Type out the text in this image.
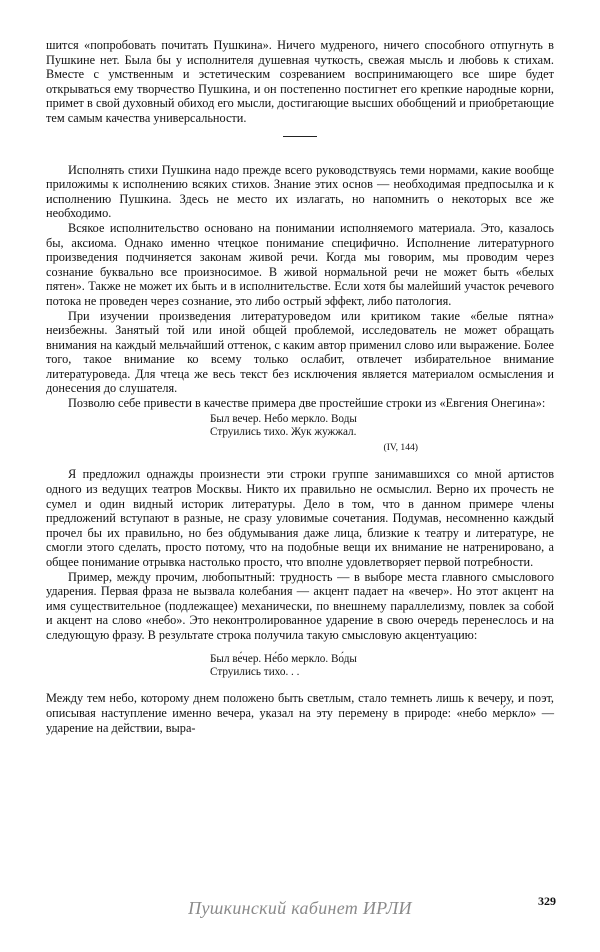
шится «попробовать почитать Пушкина». Ничего мудреного, ничего способного отпугнуть в Пушкине нет. Была бы у исполнителя душевная чуткость, свежая мысль и любовь к стихам. Вместе с умственным и эстетическим созреванием воспринимающего все шире будет открываться ему творчество Пушкина, и он постепенно постигнет его крепкие народные корни, примет в свой духовный обиход его мысли, достигающие высших обобщений и приобретающие тем самым качества универсальности.

Исполнять стихи Пушкина надо прежде всего руководствуясь теми нормами, какие вообще приложимы к исполнению всяких стихов. Знание этих основ — необходимая предпосылка и к исполнению Пушкина. Здесь не место их излагать, но напомнить о некоторых все же необходимо.

Всякое исполнительство основано на понимании исполняемого материала. Это, казалось бы, аксиома. Однако именно чтецкое понимание специфично. Исполнение литературного произведения подчиняется законам живой речи. Когда мы говорим, мы проводим через сознание буквально все произносимое. В живой нормальной речи не может быть «белых пятен». Также не может их быть и в исполнительстве. Если хотя бы малейший участок речевого потока не проведен через сознание, это либо острый эффект, либо патология.

При изучении произведения литературоведом или критиком такие «белые пятна» неизбежны. Занятый той или иной общей проблемой, исследователь не может обращать внимания на каждый мельчайший оттенок, с каким автор применил слово или выражение. Более того, такое внимание ко всему только ослабит, отвлечет избирательное внимание литературоведа. Для чтеца же весь текст без исключения является материалом осмысления и донесения до слушателя.

Позволю себе привести в качестве примера две простейшие строки из «Евгения Онегина»:

Был вечер. Небо меркло. Воды
Струились тихо. Жук жужжал.
(IV, 144)

Я предложил однажды произнести эти строки группе занимавшихся со мной артистов одного из ведущих театров Москвы. Никто их правильно не осмыслил. Верно их прочесть не сумел и один видный историк литературы. Дело в том, что в данном примере члены предложений вступают в разные, не сразу уловимые сочетания. Подумав, несомненно каждый прочел бы их правильно, но без обдумывания даже лица, близкие к театру и литературе, не смогли этого сделать, просто потому, что на подобные вещи их внимание не натренировано, а общее понимание отрывка настолько просто, что вполне удовлетворяет первой потребности.

Пример, между прочим, любопытный: трудность — в выборе места главного смыслового ударения. Первая фраза не вызвала колебания — акцент падает на «вечер». Но этот акцент на имя существительное (подлежащее) механически, по внешнему параллелизму, повлек за собой и акцент на слово «небо». Это неконтролированное ударение в свою очередь перенеслось и на следующую фразу. В результате строка получила такую смысловую акцентуацию:

Был ве́чер. Не́бо меркло. Во́ды
Струились тихо. . .

Между тем небо, которому днем положено быть светлым, стало темнеть лишь к вечеру, и поэт, описывая наступление именно вечера, указал на эту перемену в природе: «небо ме́ркло» — ударение на действии, выра-

329
Пушкинский кабинет ИРЛИ
